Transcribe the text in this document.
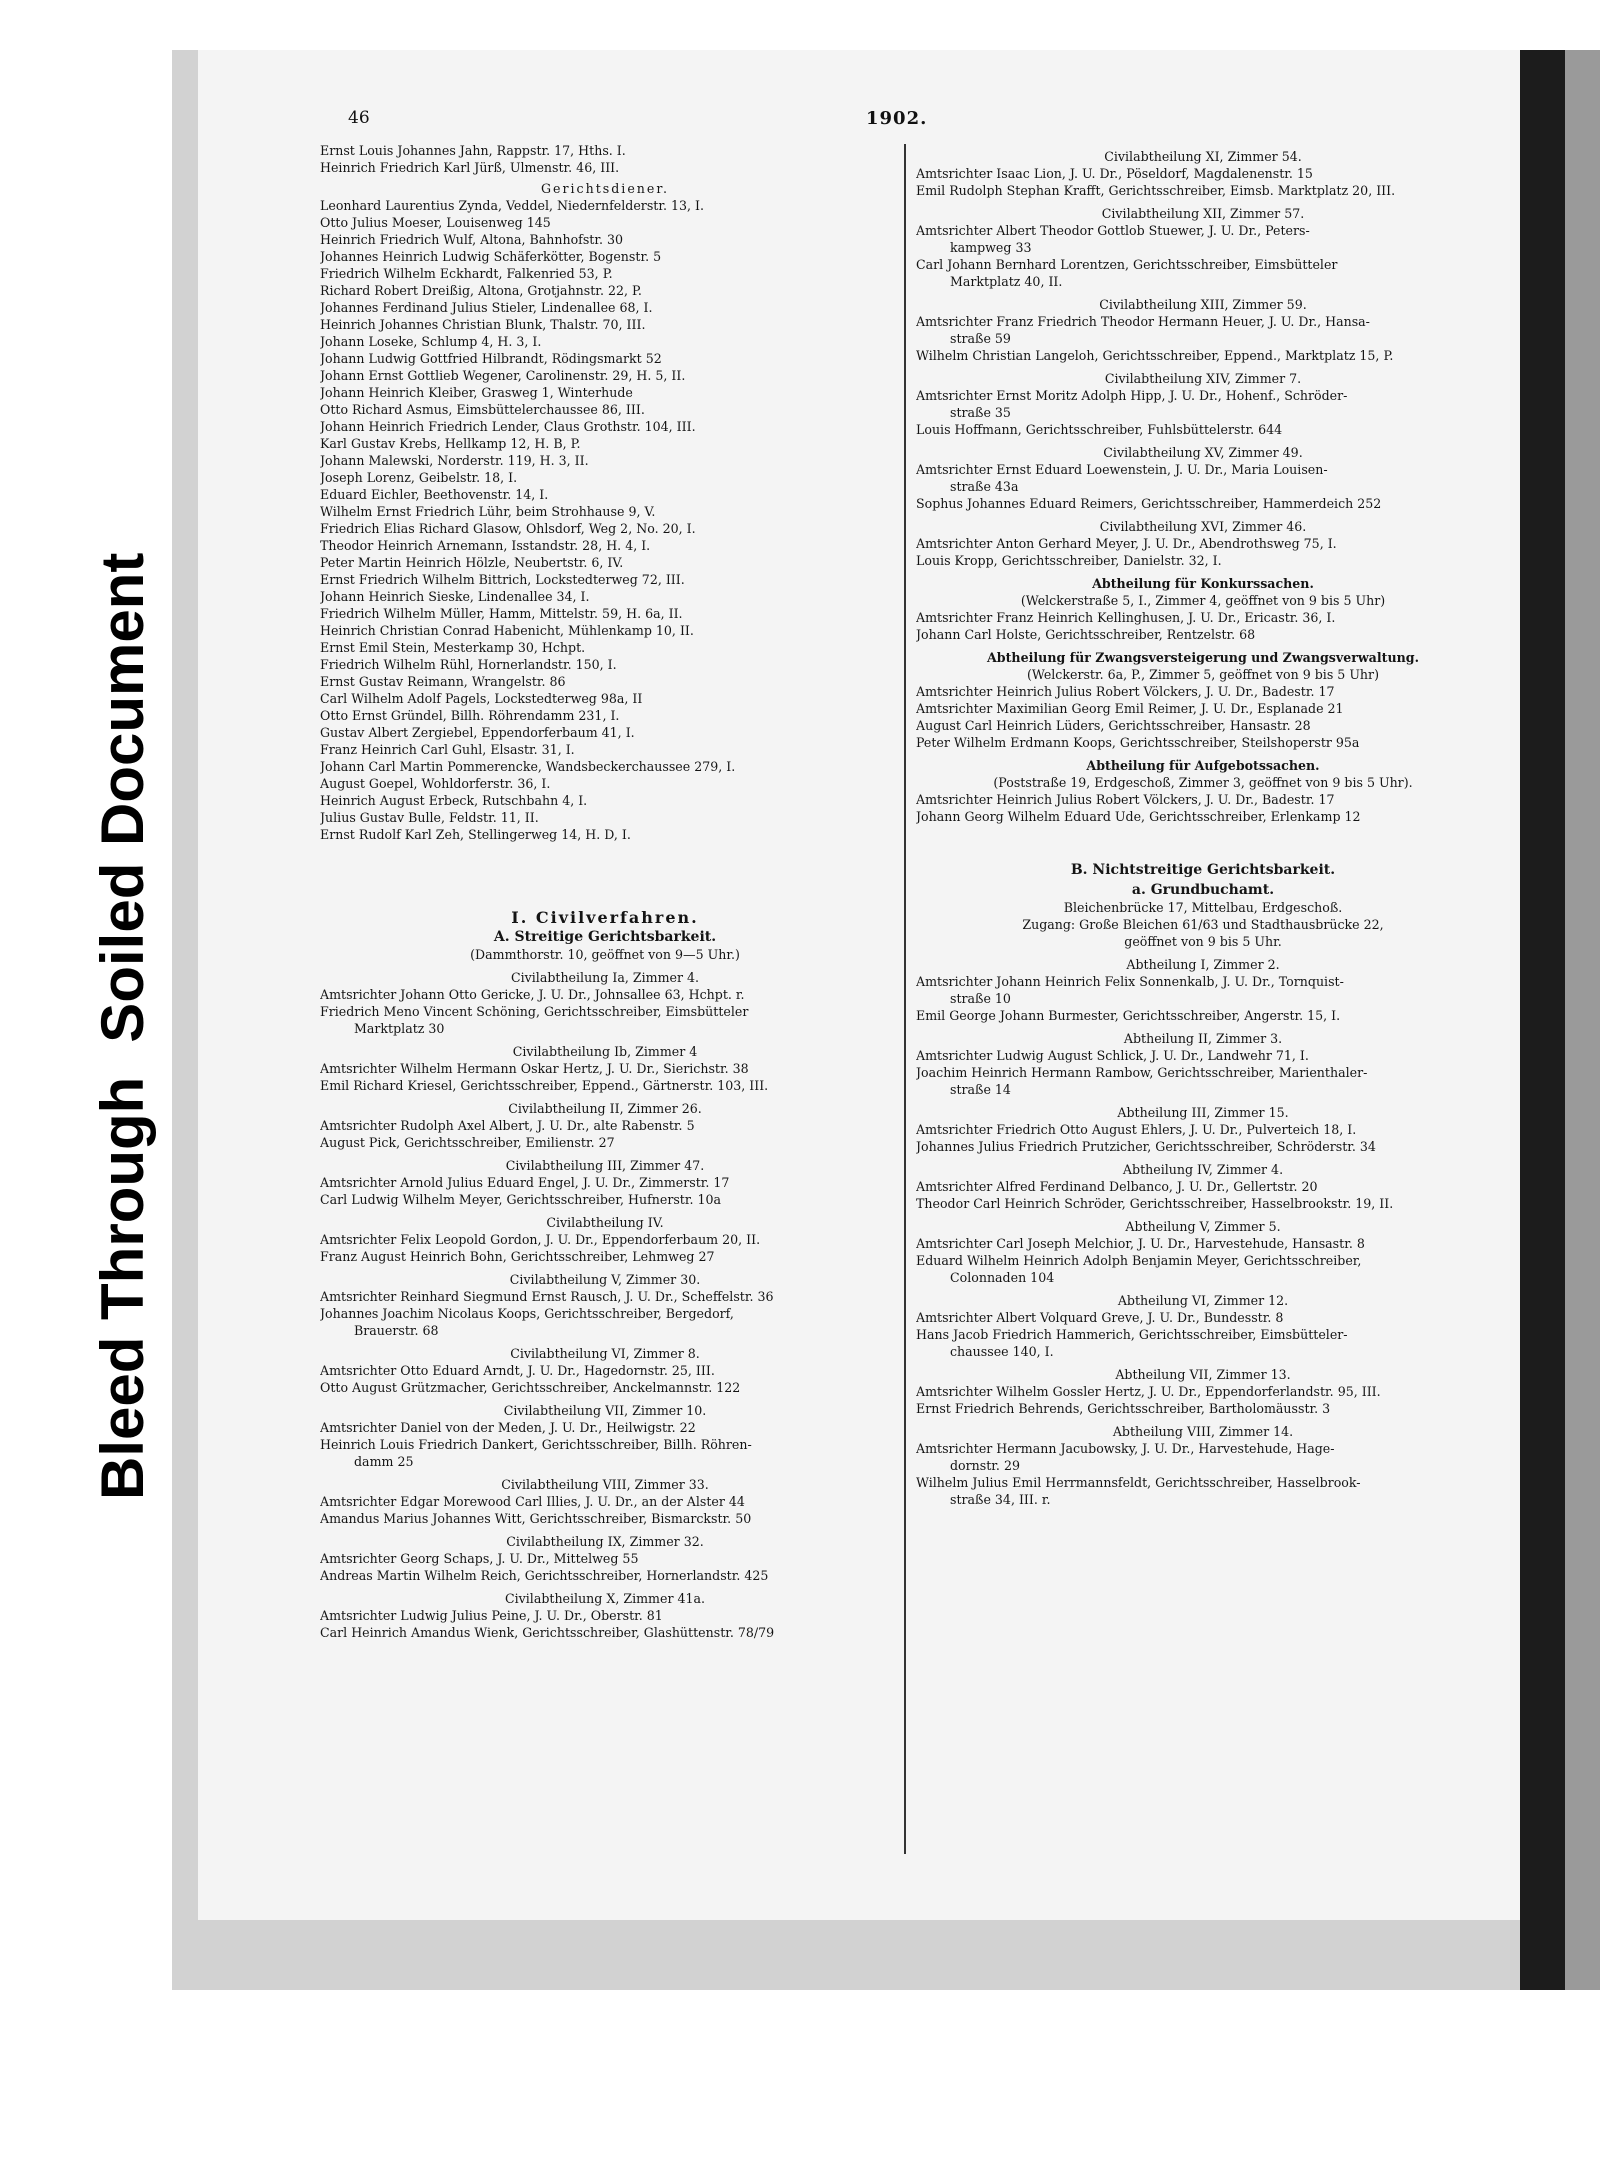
Bleed ThroughSoiled Document
46	1902.
Ernst Louis Johannes Jahn, Rappstr. 17, Hths. I.
Heinrich Friedrich Karl Jürß, Ulmenstr. 46, III.
Gerichtsdiener.
Leonhard Laurentius Zynda, Veddel, Niedernfelderstr. 13, I.
Otto Julius Moeser, Louisenweg 145
Heinrich Friedrich Wulf, Altona, Bahnhofstr. 30
Johannes Heinrich Ludwig Schäferkötter, Bogenstr. 5
Friedrich Wilhelm Eckhardt, Falkenried 53, P.
Richard Robert Dreißig, Altona, Grotjahnstr. 22, P.
Johannes Ferdinand Julius Stieler, Lindenallee 68, I.
Heinrich Johannes Christian Blunk, Thalstr. 70, III.
Johann Loseke, Schlump 4, H. 3, I.
Johann Ludwig Gottfried Hilbrandt, Rödingsmarkt 52
Johann Ernst Gottlieb Wegener, Carolinenstr. 29, H. 5, II.
Johann Heinrich Kleiber, Grasweg 1, Winterhude
Otto Richard Asmus, Eimsbüttelerchaussee 86, III.
Johann Heinrich Friedrich Lender, Claus Grothstr. 104, III.
Karl Gustav Krebs, Hellkamp 12, H. B, P.
Johann Malewski, Norderstr. 119, H. 3, II.
Joseph Lorenz, Geibelstr. 18, I.
Eduard Eichler, Beethovenstr. 14, I.
Wilhelm Ernst Friedrich Lühr, beim Strohhause 9, V.
Friedrich Elias Richard Glasow, Ohlsdorf, Weg 2, No. 20, I.
Theodor Heinrich Arnemann, Isstandstr. 28, H. 4, I.
Peter Martin Heinrich Hölzle, Neubertstr. 6, IV.
Ernst Friedrich Wilhelm Bittrich, Lockstedterweg 72, III.
Johann Heinrich Sieske, Lindenallee 34, I.
Friedrich Wilhelm Müller, Hamm, Mittelstr. 59, H. 6a, II.
Heinrich Christian Conrad Habenicht, Mühlenkamp 10, II.
Ernst Emil Stein, Mesterkamp 30, Hchpt.
Friedrich Wilhelm Rühl, Hornerlandstr. 150, I.
Ernst Gustav Reimann, Wrangelstr. 86
Carl Wilhelm Adolf Pagels, Lockstedterweg 98a, II
Otto Ernst Gründel, Billh. Röhrendamm 231, I.
Gustav Albert Zergiebel, Eppendorferbaum 41, I.
Franz Heinrich Carl Guhl, Elsastr. 31, I.
Johann Carl Martin Pommerencke, Wandsbeckerchaussee 279, I.
August Goepel, Wohldorferstr. 36, I.
Heinrich August Erbeck, Rutschbahn 4, I.
Julius Gustav Bulle, Feldstr. 11, II.
Ernst Rudolf Karl Zeh, Stellingerweg 14, H. D, I.
I. Civilverfahren.
A. Streitige Gerichtsbarkeit.
(Dammthorstr. 10, geöffnet von 9—5 Uhr.)
Civilabtheilung Ia, Zimmer 4.
Amtsrichter Johann Otto Gericke, J. U. Dr., Johnsallee 63, Hchpt. r.
Friedrich Meno Vincent Schöning, Gerichtsschreiber, Eimsbütteler
Marktplatz 30
Civilabtheilung Ib, Zimmer 4
Amtsrichter Wilhelm Hermann Oskar Hertz, J. U. Dr., Sierichstr. 38
Emil Richard Kriesel, Gerichtsschreiber, Eppend., Gärtnerstr. 103, III.
Civilabtheilung II, Zimmer 26.
Amtsrichter Rudolph Axel Albert, J. U. Dr., alte Rabenstr. 5
August Pick, Gerichtsschreiber, Emilienstr. 27
Civilabtheilung III, Zimmer 47.
Amtsrichter Arnold Julius Eduard Engel, J. U. Dr., Zimmerstr. 17
Carl Ludwig Wilhelm Meyer, Gerichtsschreiber, Hufnerstr. 10a
Civilabtheilung IV.
Amtsrichter Felix Leopold Gordon, J. U. Dr., Eppendorferbaum 20, II.
Franz August Heinrich Bohn, Gerichtsschreiber, Lehmweg 27
Civilabtheilung V, Zimmer 30.
Amtsrichter Reinhard Siegmund Ernst Rausch, J. U. Dr., Scheffelstr. 36
Johannes Joachim Nicolaus Koops, Gerichtsschreiber, Bergedorf,
Brauerstr. 68
Civilabtheilung VI, Zimmer 8.
Amtsrichter Otto Eduard Arndt, J. U. Dr., Hagedornstr. 25, III.
Otto August Grützmacher, Gerichtsschreiber, Anckelmannstr. 122
Civilabtheilung VII, Zimmer 10.
Amtsrichter Daniel von der Meden, J. U. Dr., Heilwigstr. 22
Heinrich Louis Friedrich Dankert, Gerichtsschreiber, Billh. Röhren-
damm 25
Civilabtheilung VIII, Zimmer 33.
Amtsrichter Edgar Morewood Carl Illies, J. U. Dr., an der Alster 44
Amandus Marius Johannes Witt, Gerichtsschreiber, Bismarckstr. 50
Civilabtheilung IX, Zimmer 32.
Amtsrichter Georg Schaps, J. U. Dr., Mittelweg 55
Andreas Martin Wilhelm Reich, Gerichtsschreiber, Hornerlandstr. 425
Civilabtheilung X, Zimmer 41a.
Amtsrichter Ludwig Julius Peine, J. U. Dr., Oberstr. 81
Carl Heinrich Amandus Wienk, Gerichtsschreiber, Glashüttenstr. 78/79
Civilabtheilung XI, Zimmer 54.
Amtsrichter Isaac Lion, J. U. Dr., Pöseldorf, Magdalenenstr. 15
Emil Rudolph Stephan Krafft, Gerichtsschreiber, Eimsb. Marktplatz 20, III.
Civilabtheilung XII, Zimmer 57.
Amtsrichter Albert Theodor Gottlob Stuewer, J. U. Dr., Peters-
kampweg 33
Carl Johann Bernhard Lorentzen, Gerichtsschreiber, Eimsbütteler
Marktplatz 40, II.
Civilabtheilung XIII, Zimmer 59.
Amtsrichter Franz Friedrich Theodor Hermann Heuer, J. U. Dr., Hansa-
straße 59
Wilhelm Christian Langeloh, Gerichtsschreiber, Eppend., Marktplatz 15, P.
Civilabtheilung XIV, Zimmer 7.
Amtsrichter Ernst Moritz Adolph Hipp, J. U. Dr., Hohenf., Schröder-
straße 35
Louis Hoffmann, Gerichtsschreiber, Fuhlsbüttelerstr. 644
Civilabtheilung XV, Zimmer 49.
Amtsrichter Ernst Eduard Loewenstein, J. U. Dr., Maria Louisen-
straße 43a
Sophus Johannes Eduard Reimers, Gerichtsschreiber, Hammerdeich 252
Civilabtheilung XVI, Zimmer 46.
Amtsrichter Anton Gerhard Meyer, J. U. Dr., Abendrothsweg 75, I.
Louis Kropp, Gerichtsschreiber, Danielstr. 32, I.
Abtheilung für Konkurssachen.
(Welckerstraße 5, I., Zimmer 4, geöffnet von 9 bis 5 Uhr)
Amtsrichter Franz Heinrich Kellinghusen, J. U. Dr., Ericastr. 36, I.
Johann Carl Holste, Gerichtsschreiber, Rentzelstr. 68
Abtheilung für Zwangsversteigerung und Zwangsverwaltung.
(Welckerstr. 6a, P., Zimmer 5, geöffnet von 9 bis 5 Uhr)
Amtsrichter Heinrich Julius Robert Völckers, J. U. Dr., Badestr. 17
Amtsrichter Maximilian Georg Emil Reimer, J. U. Dr., Esplanade 21
August Carl Heinrich Lüders, Gerichtsschreiber, Hansastr. 28
Peter Wilhelm Erdmann Koops, Gerichtsschreiber, Steilshoperstr 95a
Abtheilung für Aufgebotssachen.
(Poststraße 19, Erdgeschoß, Zimmer 3, geöffnet von 9 bis 5 Uhr).
Amtsrichter Heinrich Julius Robert Völckers, J. U. Dr., Badestr. 17
Johann Georg Wilhelm Eduard Ude, Gerichtsschreiber, Erlenkamp 12
B. Nichtstreitige Gerichtsbarkeit.
a. Grundbuchamt.
Bleichenbrücke 17, Mittelbau, Erdgeschoß.
Zugang: Große Bleichen 61/63 und Stadthausbrücke 22,
geöffnet von 9 bis 5 Uhr.
Abtheilung I, Zimmer 2.
Amtsrichter Johann Heinrich Felix Sonnenkalb, J. U. Dr., Tornquist-
straße 10
Emil George Johann Burmester, Gerichtsschreiber, Angerstr. 15, I.
Abtheilung II, Zimmer 3.
Amtsrichter Ludwig August Schlick, J. U. Dr., Landwehr 71, I.
Joachim Heinrich Hermann Rambow, Gerichtsschreiber, Marienthaler-
straße 14
Abtheilung III, Zimmer 15.
Amtsrichter Friedrich Otto August Ehlers, J. U. Dr., Pulverteich 18, I.
Johannes Julius Friedrich Prutzicher, Gerichtsschreiber, Schröderstr. 34
Abtheilung IV, Zimmer 4.
Amtsrichter Alfred Ferdinand Delbanco, J. U. Dr., Gellertstr. 20
Theodor Carl Heinrich Schröder, Gerichtsschreiber, Hasselbrookstr. 19, II.
Abtheilung V, Zimmer 5.
Amtsrichter Carl Joseph Melchior, J. U. Dr., Harvestehude, Hansastr. 8
Eduard Wilhelm Heinrich Adolph Benjamin Meyer, Gerichtsschreiber,
Colonnaden 104
Abtheilung VI, Zimmer 12.
Amtsrichter Albert Volquard Greve, J. U. Dr., Bundesstr. 8
Hans Jacob Friedrich Hammerich, Gerichtsschreiber, Eimsbütteler-
chaussee 140, I.
Abtheilung VII, Zimmer 13.
Amtsrichter Wilhelm Gossler Hertz, J. U. Dr., Eppendorferlandstr. 95, III.
Ernst Friedrich Behrends, Gerichtsschreiber, Bartholomäusstr. 3
Abtheilung VIII, Zimmer 14.
Amtsrichter Hermann Jacubowsky, J. U. Dr., Harvestehude, Hage-
dornstr. 29
Wilhelm Julius Emil Herrmannsfeldt, Gerichtsschreiber, Hasselbrook-
straße 34, III. r.
